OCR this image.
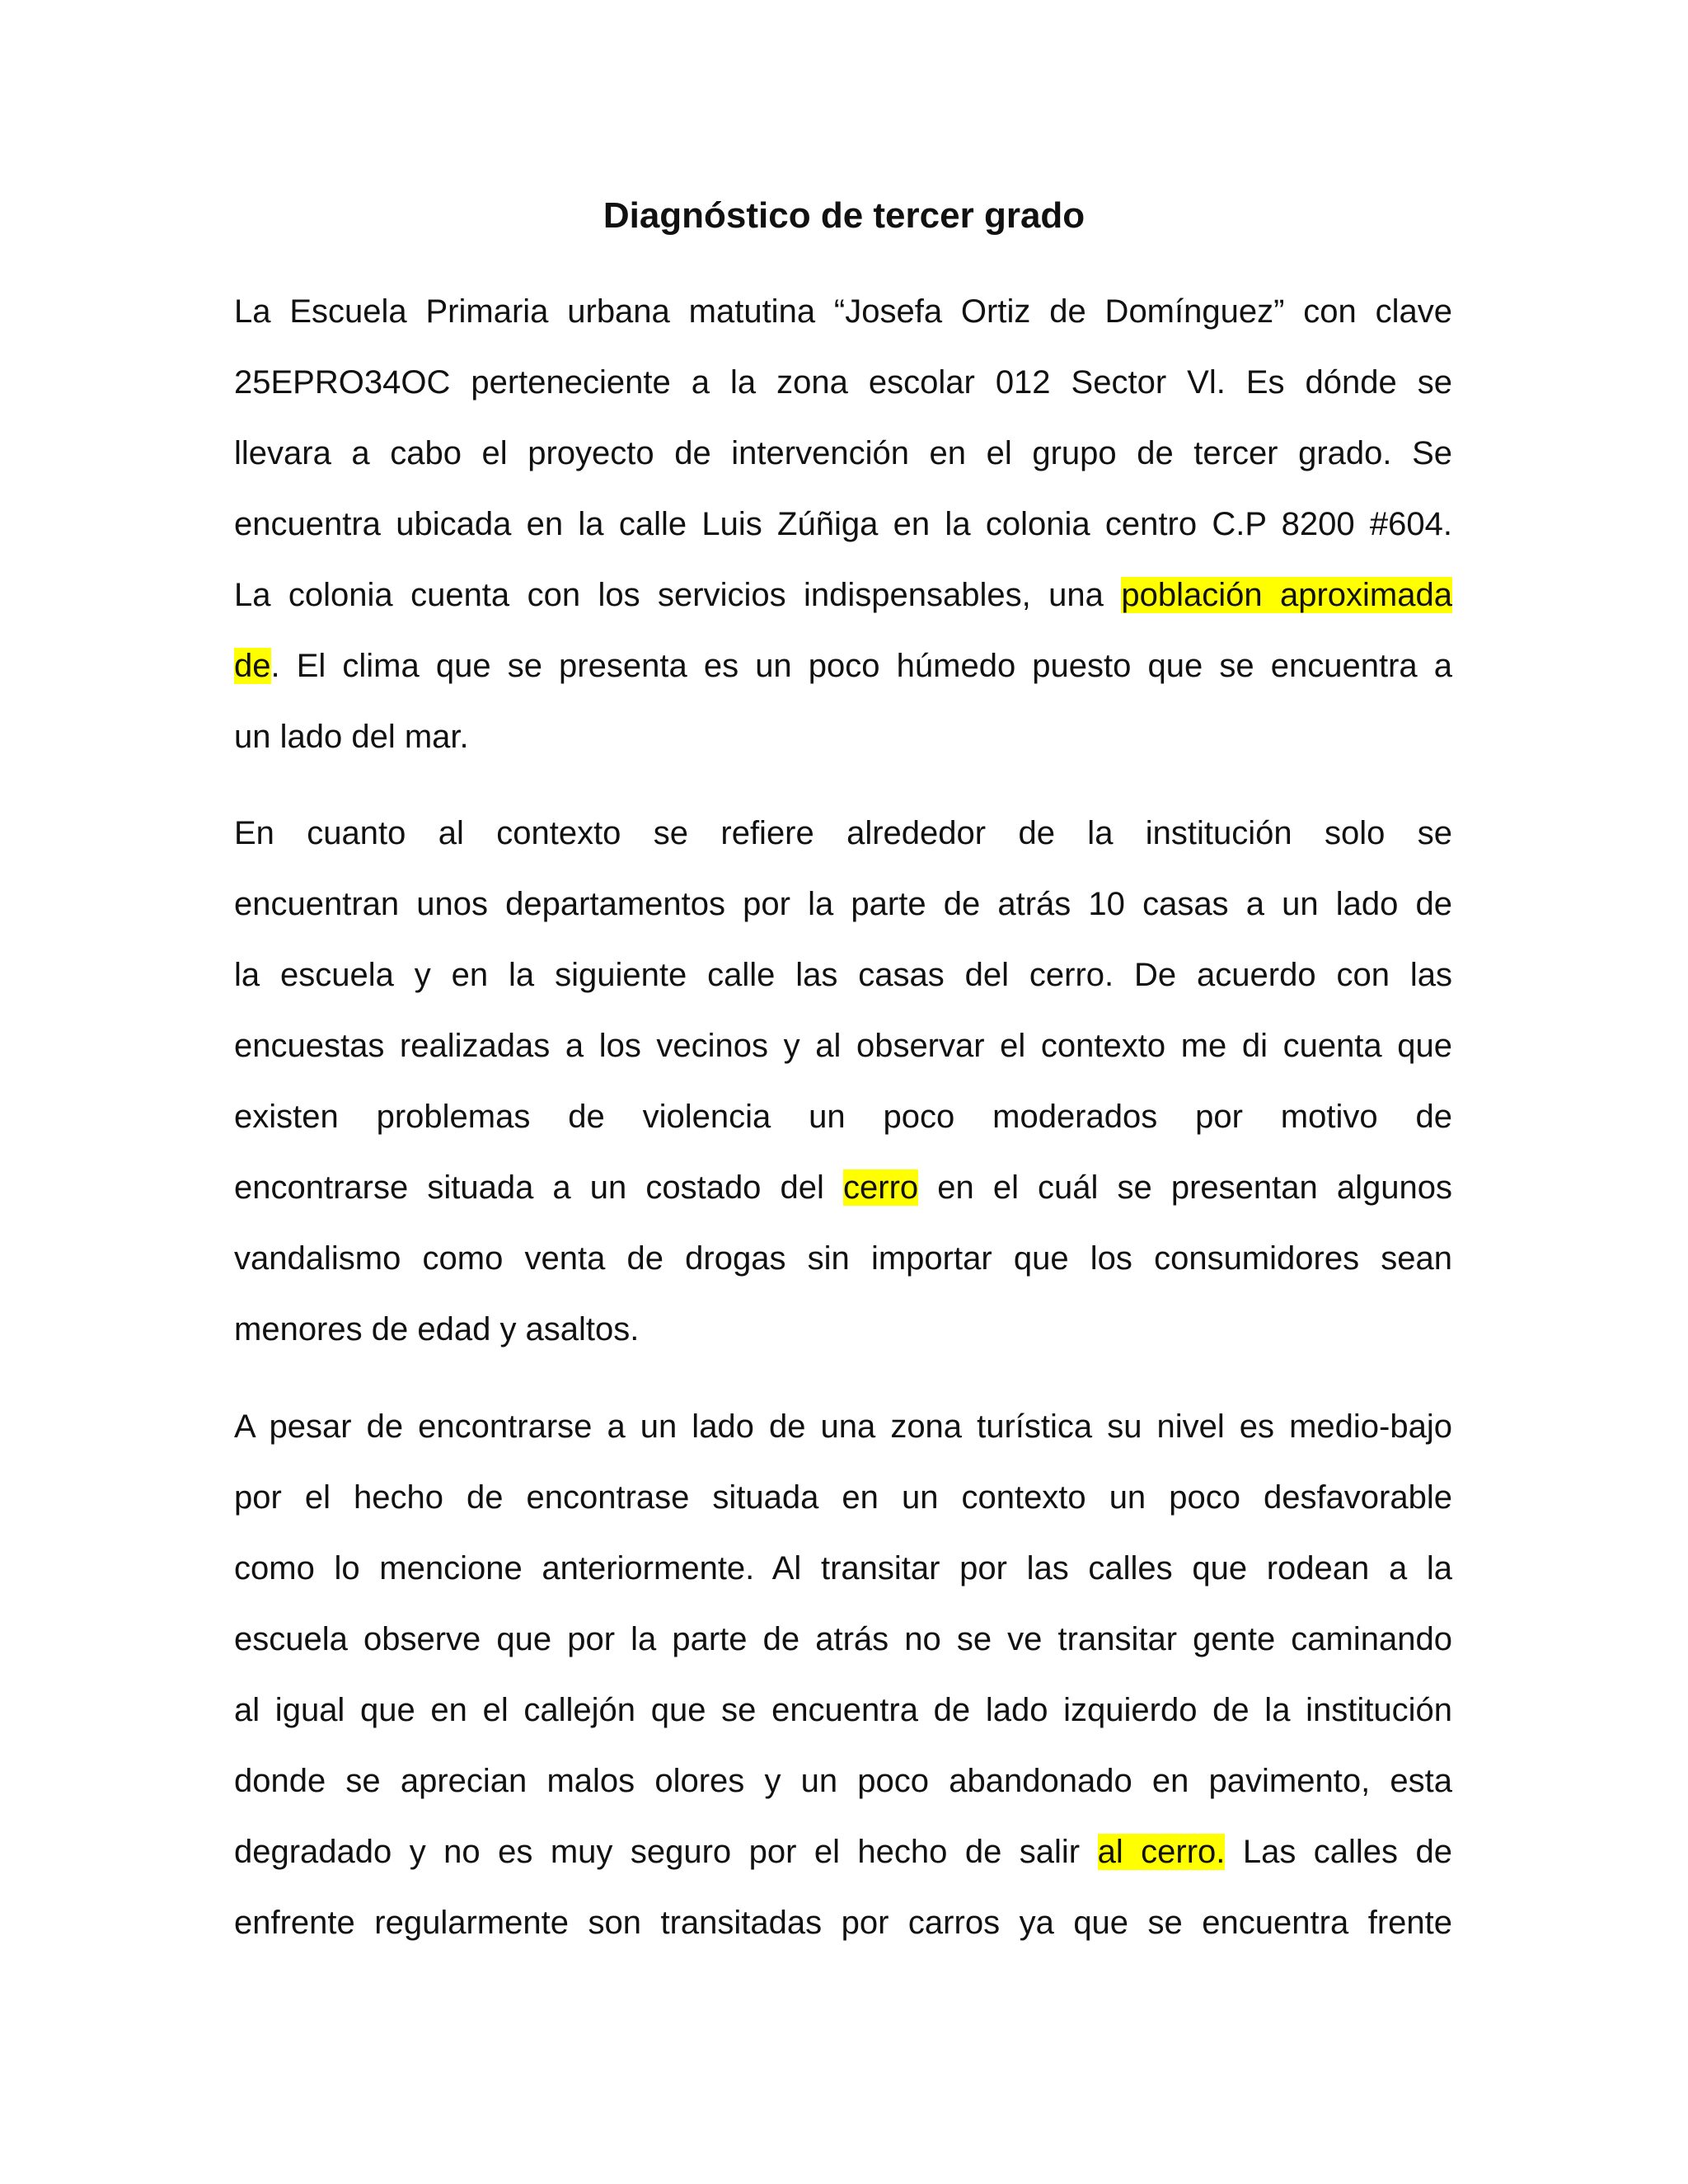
Diagnóstico de tercer grado
La Escuela Primaria urbana matutina “Josefa Ortiz de Domínguez” con clave
25EPRO34OC perteneciente a la zona escolar 012 Sector Vl. Es dónde se
llevara a cabo el proyecto de intervención en el grupo de tercer grado. Se
encuentra ubicada en la calle Luis Zúñiga en la colonia centro C.P 8200 #604.
La colonia cuenta con los servicios indispensables, una población aproximada
de. El clima que se presenta es un poco húmedo puesto que se encuentra a
un lado del mar.
En cuanto al contexto se refiere alrededor de la institución solo se
encuentran unos departamentos por la parte de atrás 10 casas a un lado de
la escuela y en la siguiente calle las casas del cerro. De acuerdo con las
encuestas realizadas a los vecinos y al observar el contexto me di cuenta que
existen problemas de violencia un poco moderados por motivo de
encontrarse situada a un costado del cerro en el cuál se presentan algunos
vandalismo como venta de drogas sin importar que los consumidores sean
menores de edad y asaltos.
A pesar de encontrarse a un lado de una zona turística su nivel es medio-bajo
por el hecho de encontrase situada en un contexto un poco desfavorable
como lo mencione anteriormente. Al transitar por las calles que rodean a la
escuela observe que por la parte de atrás no se ve transitar gente caminando
al igual que en el callejón que se encuentra de lado izquierdo de la institución
donde se aprecian malos olores y un poco abandonado en pavimento, esta
degradado y no es muy seguro por el hecho de salir al cerro. Las calles de
enfrente regularmente son transitadas por carros ya que se encuentra frente
